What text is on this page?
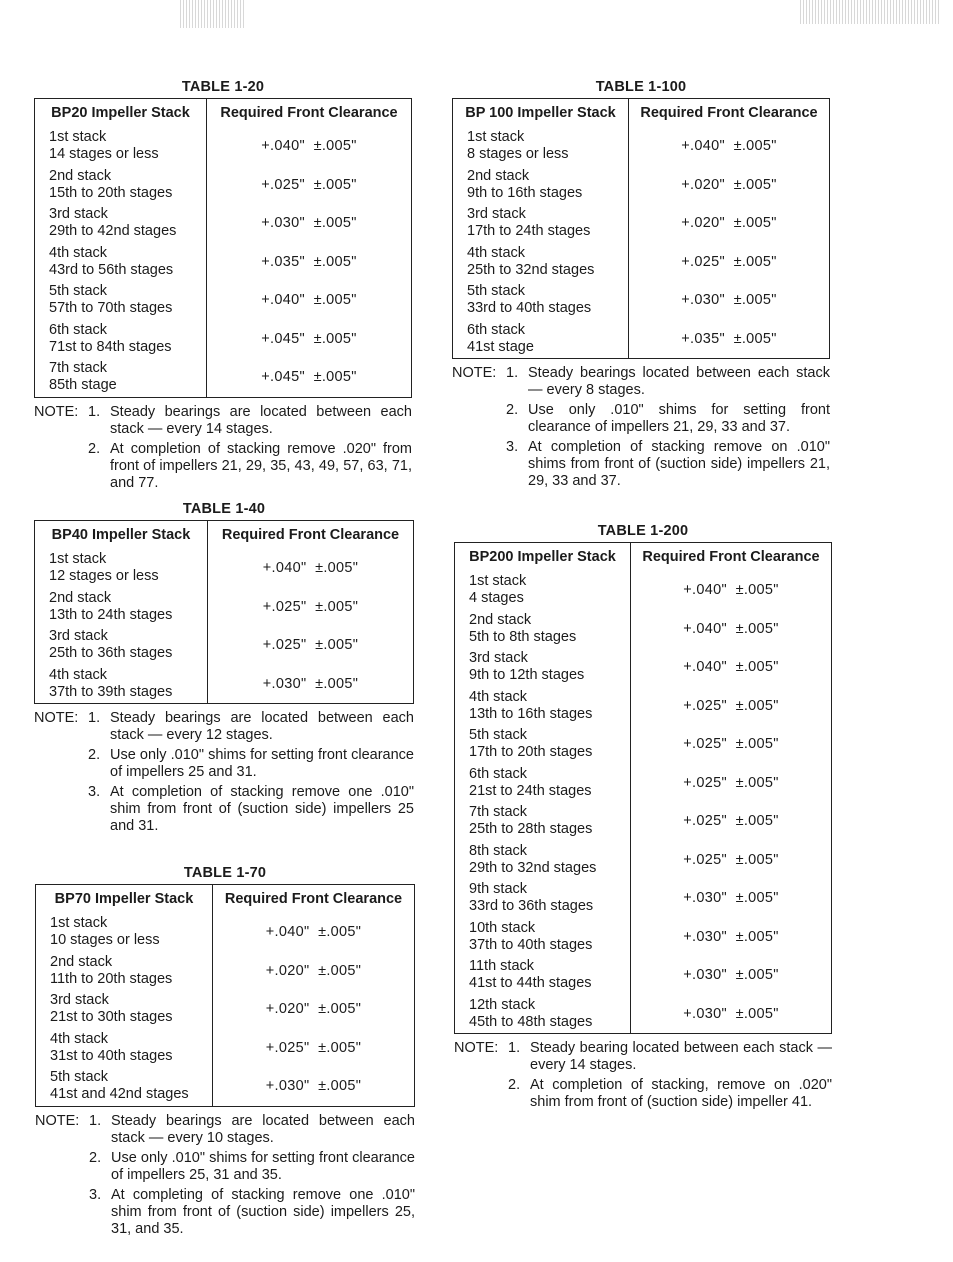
TABLE 1-20
BP20 Impeller Stack	Required Front Clearance

1st stack
14 stages or less	+.040"  ±.005"

2nd stack
15th to 20th stages	+.025"  ±.005"

3rd stack
29th to 42nd stages	+.030"  ±.005"

4th stack
43rd to 56th stages	+.035"  ±.005"

5th stack
57th to 70th stages	+.040"  ±.005"

6th stack
71st to 84th stages	+.045"  ±.005"

7th stack
85th stage	+.045"  ±.005"
NOTE: 1. Steady bearings are located between each stack — every 14 stages.
2. At completion of stacking remove .020" from front of impellers 21, 29, 35, 43, 49, 57, 63, 71, and 77.
TABLE 1-40
BP40 Impeller Stack	Required Front Clearance

1st stack
12 stages or less	+.040"  ±.005"

2nd stack
13th to 24th stages	+.025"  ±.005"

3rd stack
25th to 36th stages	+.025"  ±.005"

4th stack
37th to 39th stages	+.030"  ±.005"
NOTE: 1. Steady bearings are located between each stack — every 12 stages.
2. Use only .010" shims for setting front clearance of impellers 25 and 31.
3. At completion of stacking remove one .010" shim from front of (suction side) impellers 25 and 31.
TABLE 1-70
BP70 Impeller Stack	Required Front Clearance

1st stack
10 stages or less	+.040"  ±.005"

2nd stack
11th to 20th stages	+.020"  ±.005"

3rd stack
21st to 30th stages	+.020"  ±.005"

4th stack
31st to 40th stages	+.025"  ±.005"

5th stack
41st and 42nd stages	+.030"  ±.005"
NOTE: 1. Steady bearings are located between each stack — every 10 stages.
2. Use only .010" shims for setting front clearance of impellers 25, 31 and 35.
3. At completing of stacking remove one .010" shim from front of (suction side) impellers 25, 31, and 35.
TABLE 1-100
BP 100 Impeller Stack	Required Front Clearance

1st stack
8 stages or less	+.040"  ±.005"

2nd stack
9th to 16th stages	+.020"  ±.005"

3rd stack
17th to 24th stages	+.020"  ±.005"

4th stack
25th to 32nd stages	+.025"  ±.005"

5th stack
33rd to 40th stages	+.030"  ±.005"

6th stack
41st stage	+.035"  ±.005"
NOTE: 1. Steady bearings located between each stack — every 8 stages.
2. Use only .010" shims for setting front clearance of impellers 21, 29, 33 and 37.
3. At completion of stacking remove on .010" shims from front of (suction side) impellers 21, 29, 33 and 37.
TABLE 1-200
BP200 Impeller Stack	Required Front Clearance

1st stack
4 stages	+.040"  ±.005"

2nd stack
5th to 8th stages	+.040"  ±.005"

3rd stack
9th to 12th stages	+.040"  ±.005"

4th stack
13th to 16th stages	+.025"  ±.005"

5th stack
17th to 20th stages	+.025"  ±.005"

6th stack
21st to 24th stages	+.025"  ±.005"

7th stack
25th to 28th stages	+.025"  ±.005"

8th stack
29th to 32nd stages	+.025"  ±.005"

9th stack
33rd to 36th stages	+.030"  ±.005"

10th stack
37th to 40th stages	+.030"  ±.005"

11th stack
41st to 44th stages	+.030"  ±.005"

12th stack
45th to 48th stages	+.030"  ±.005"
NOTE: 1. Steady bearing located between each stack — every 14 stages.
2. At completion of stacking, remove on .020" shim from front of (suction side) impeller 41.
